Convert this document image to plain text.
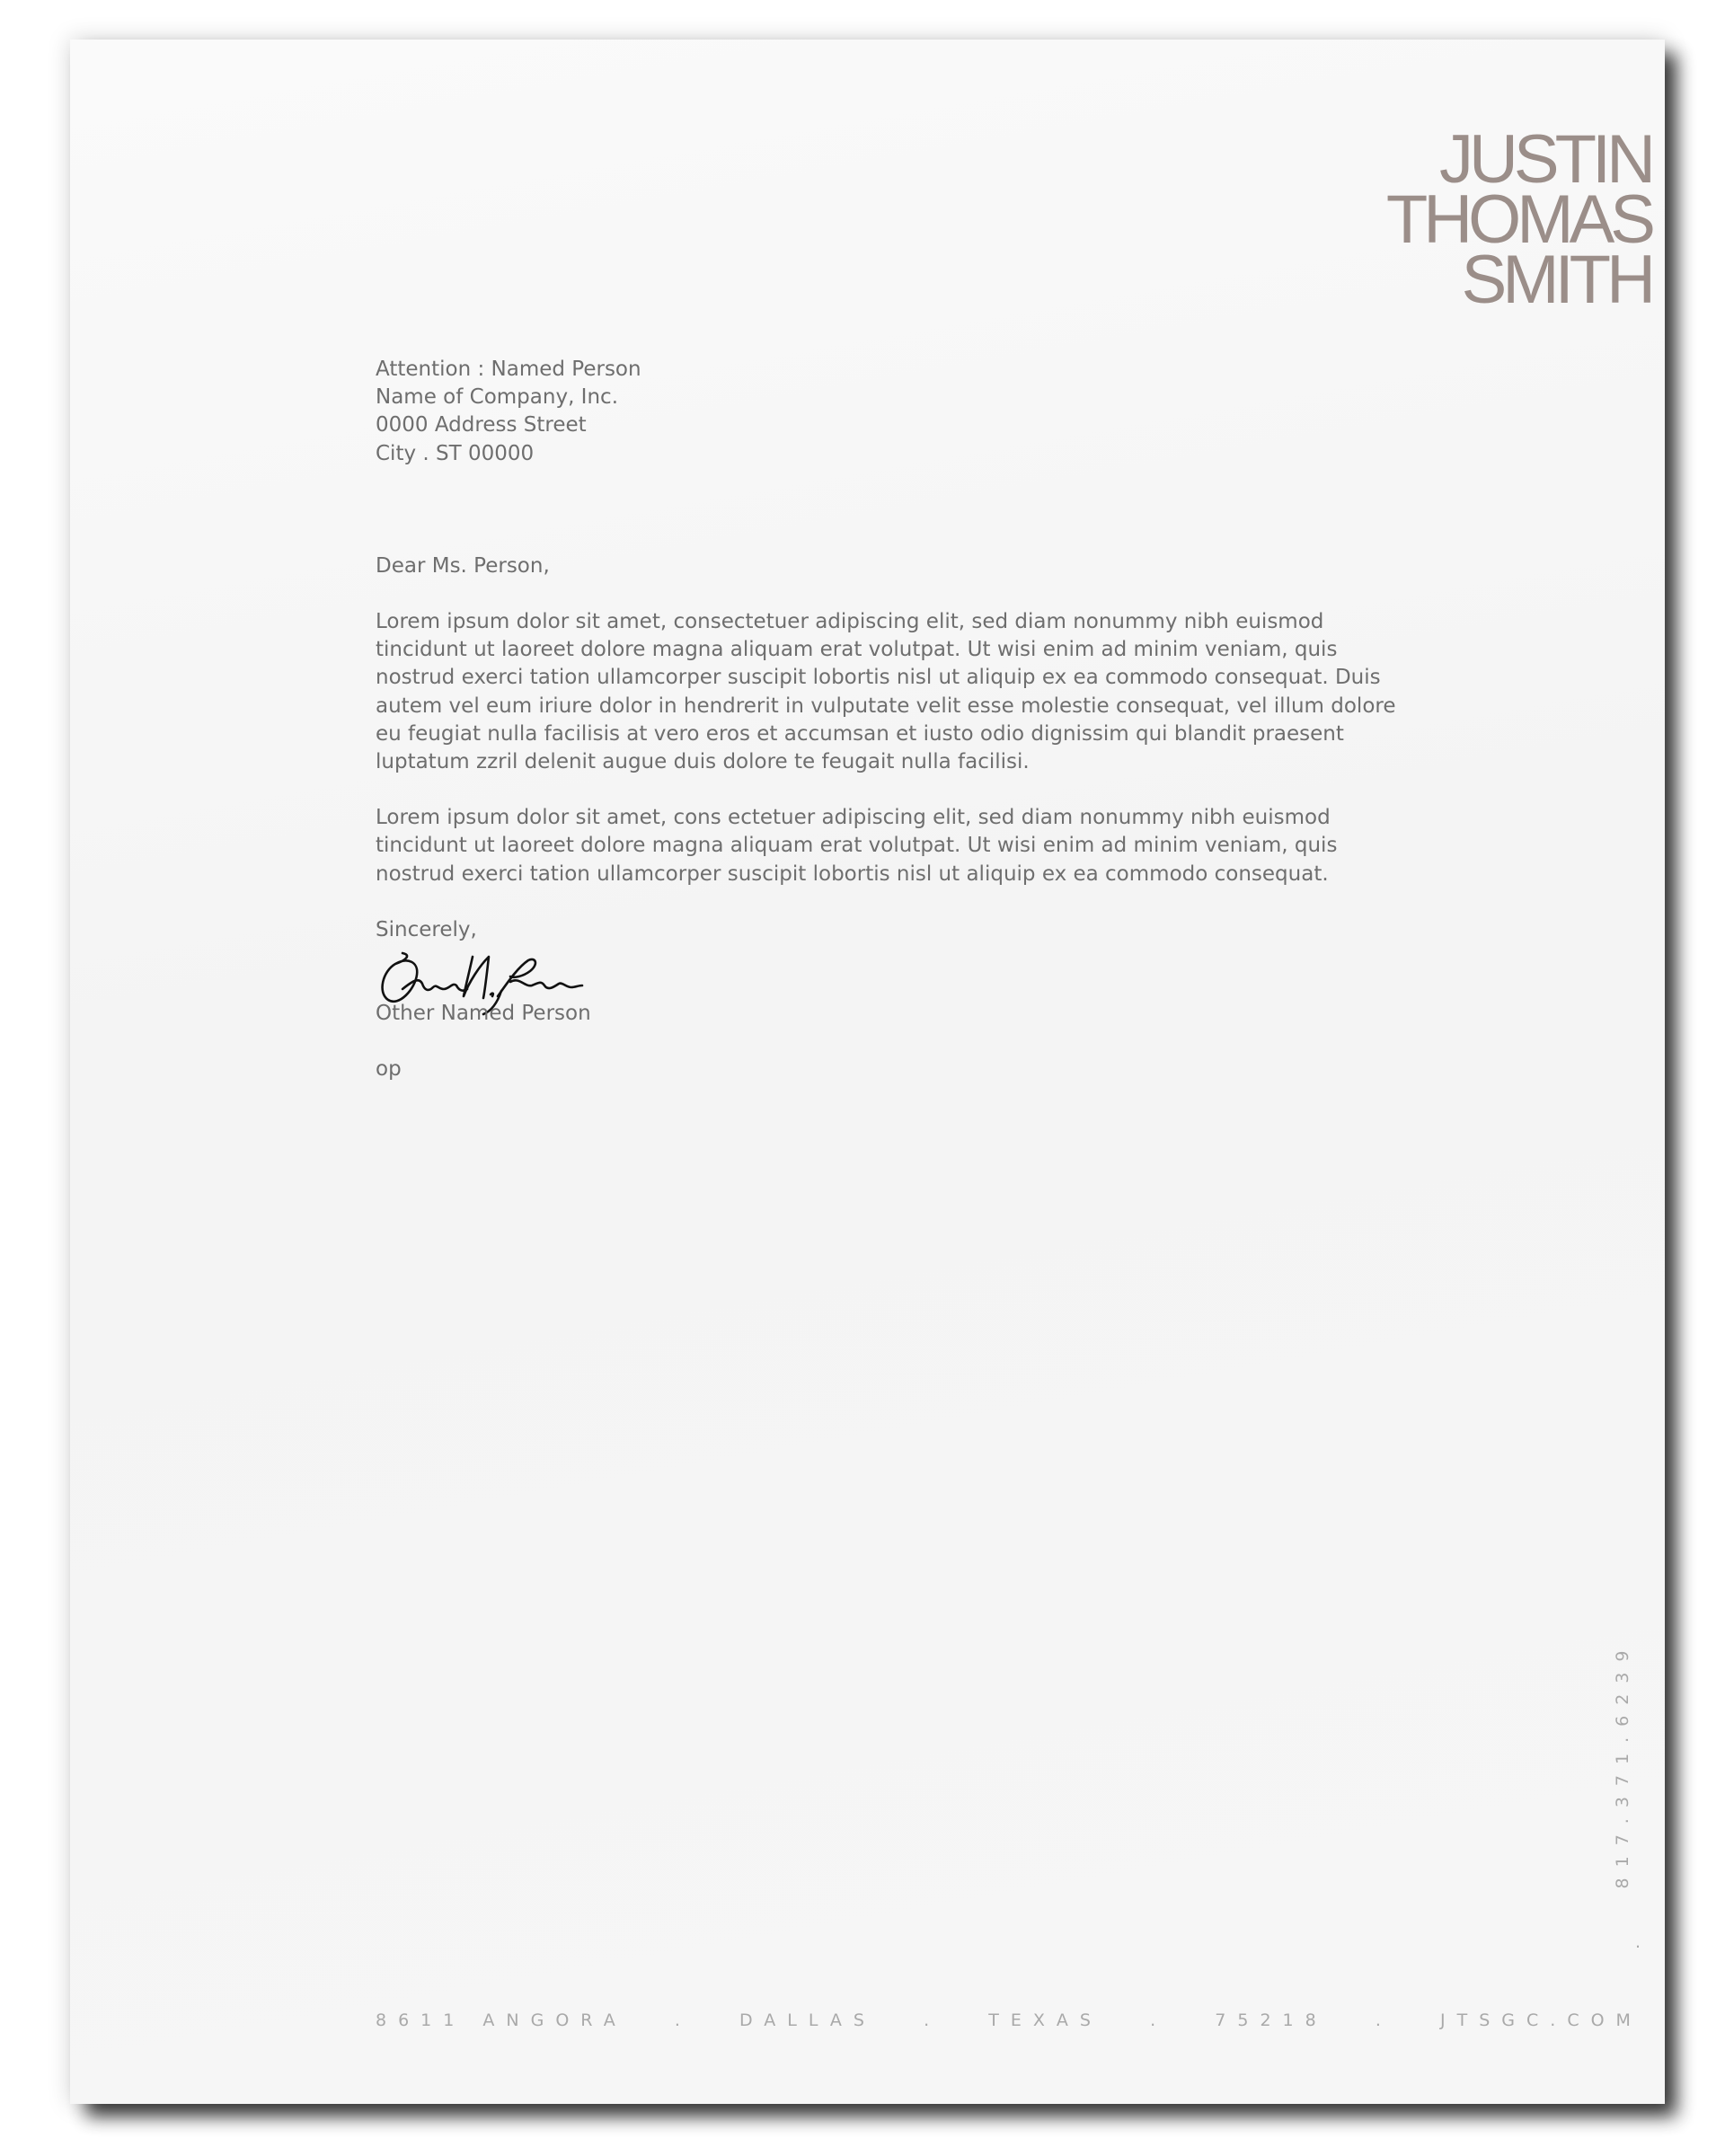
JUSTIN
THOMAS
SMITH
Attention : Named Person
Name of Company, Inc.
0000 Address Street
City . ST 00000
Dear Ms. Person,
Lorem ipsum dolor sit amet, consectetuer adipiscing elit, sed diam nonummy nibh euismod
tincidunt ut laoreet dolore magna aliquam erat volutpat. Ut wisi enim ad minim veniam, quis
nostrud exerci tation ullamcorper suscipit lobortis nisl ut aliquip ex ea commodo consequat. Duis
autem vel eum iriure dolor in hendrerit in vulputate velit esse molestie consequat, vel illum dolore
eu feugiat nulla facilisis at vero eros et accumsan et iusto odio dignissim qui blandit praesent
luptatum zzril delenit augue duis dolore te feugait nulla facilisi.
Lorem ipsum dolor sit amet, cons ectetuer adipiscing elit, sed diam nonummy nibh euismod
tincidunt ut laoreet dolore magna aliquam erat volutpat. Ut wisi enim ad minim veniam, quis
nostrud exerci tation ullamcorper suscipit lobortis nisl ut aliquip ex ea commodo consequat.
Sincerely,
Other Named Person
op
817.371.6239
.
8611 ANGORA	.	DALLAS	.	TEXAS	.	75218	.	JTSGC.COM
